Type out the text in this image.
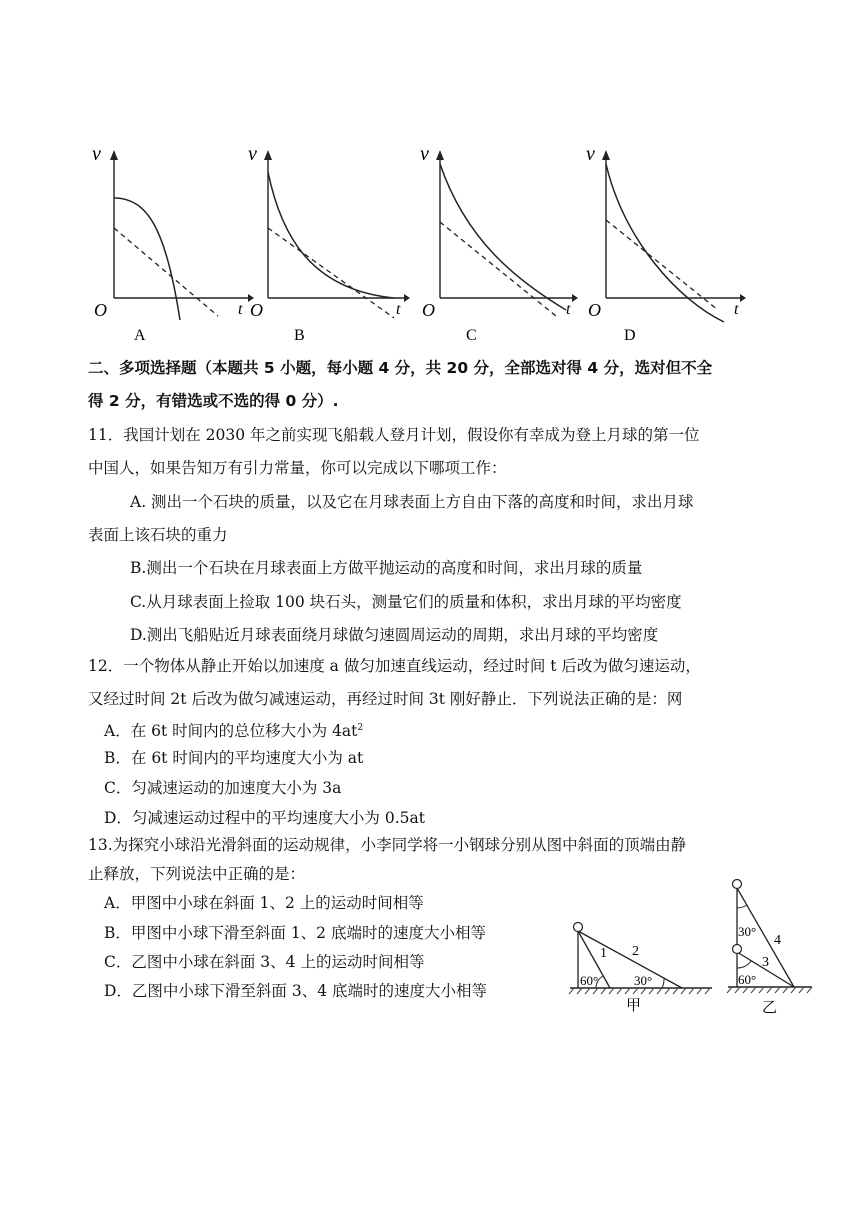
v
t
O
A
v
t
O
B
v
t
O
C
v
t
O
D
二、多项选择题（本题共 5 小题，每小题 4 分，共 20 分，全部选对得 4 分，选对但不全
得 2 分，有错选或不选的得 0 分）.
11．我国计划在 2030 年之前实现飞船载人登月计划，假设你有幸成为登上月球的第一位
中国人，如果告知万有引力常量，你可以完成以下哪项工作：
A. 测出一个石块的质量，以及它在月球表面上方自由下落的高度和时间，求出月球
表面上该石块的重力
B.测出一个石块在月球表面上方做平抛运动的高度和时间，求出月球的质量
C.从月球表面上捡取 100 块石头，测量它们的质量和体积，求出月球的平均密度
D.测出飞船贴近月球表面绕月球做匀速圆周运动的周期，求出月球的平均密度
12．一个物体从静止开始以加速度 a 做匀加速直线运动，经过时间 t 后改为做匀速运动，
又经过时间 2t 后改为做匀减速运动，再经过时间 3t 刚好静止．下列说法正确的是：网
A．在 6t 时间内的总位移大小为 $4at^2$
B．在 6t 时间内的平均速度大小为 at
C．匀减速运动的加速度大小为 3a
D．匀减速运动过程中的平均速度大小为 0.5at
13.为探究小球沿光滑斜面的运动规律，小李同学将一小钢球分别从图中斜面的顶端由静
止释放，下列说法中正确的是：
A．甲图中小球在斜面 1、2 上的运动时间相等
B．甲图中小球下滑至斜面 1、2 底端时的速度大小相等
C．乙图中小球在斜面 3、4 上的运动时间相等
D．乙图中小球下滑至斜面 3、4 底端时的速度大小相等
1 2
60°	30°
甲
30°
4
3
60°
乙
